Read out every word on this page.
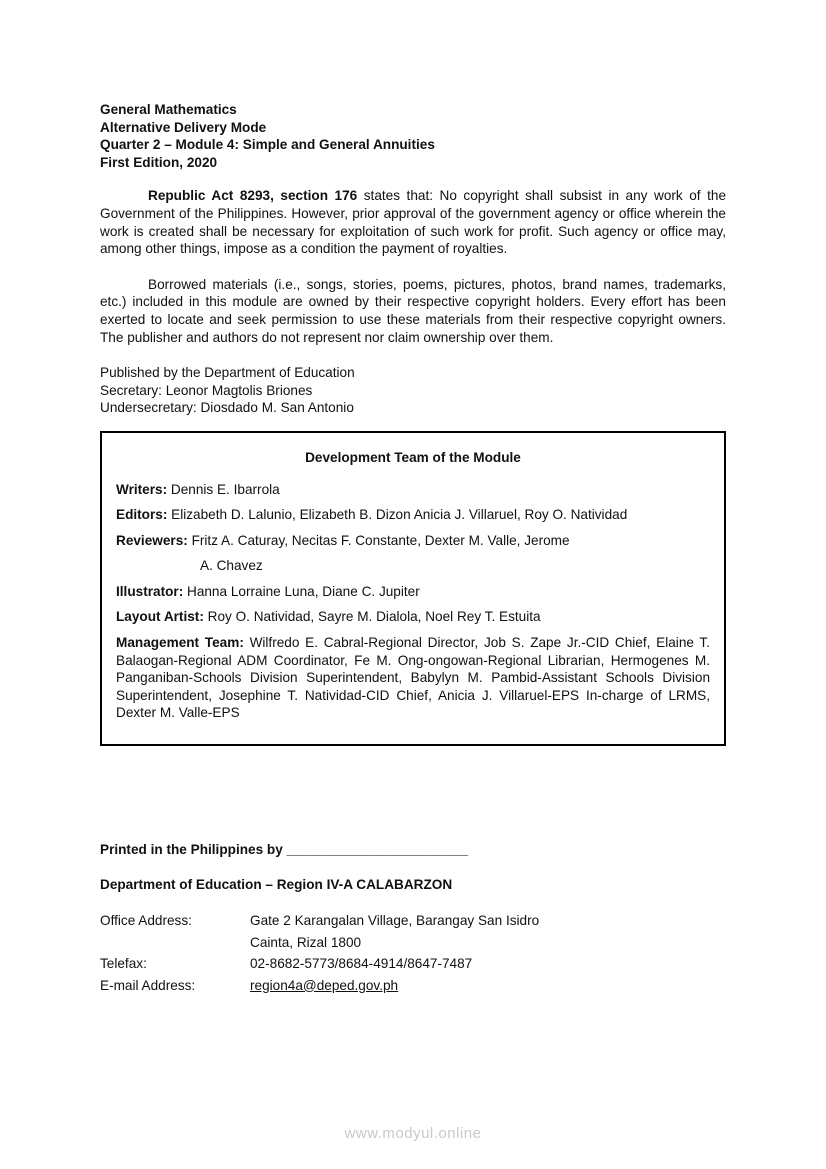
General Mathematics
Alternative Delivery Mode
Quarter 2 – Module 4: Simple and General Annuities
First Edition, 2020

Republic Act 8293, section 176 states that: No copyright shall subsist in any work of the Government of the Philippines. However, prior approval of the government agency or office wherein the work is created shall be necessary for exploitation of such work for profit. Such agency or office may, among other things, impose as a condition the payment of royalties.

Borrowed materials (i.e., songs, stories, poems, pictures, photos, brand names, trademarks, etc.) included in this module are owned by their respective copyright holders. Every effort has been exerted to locate and seek permission to use these materials from their respective copyright owners. The publisher and authors do not represent nor claim ownership over them.

Published by the Department of Education
Secretary: Leonor Magtolis Briones
Undersecretary: Diosdado M. San Antonio
Development Team of the Module
Writers: Dennis E. Ibarrola
Editors: Elizabeth D. Lalunio, Elizabeth B. Dizon Anicia J. Villaruel, Roy O. Natividad
Reviewers: Fritz A. Caturay, Necitas F. Constante, Dexter M. Valle, Jerome
A. Chavez
Illustrator: Hanna Lorraine Luna, Diane C. Jupiter
Layout Artist: Roy O. Natividad, Sayre M. Dialola, Noel Rey T. Estuita
Management Team: Wilfredo E. Cabral-Regional Director, Job S. Zape Jr.-CID Chief, Elaine T. Balaogan-Regional ADM Coordinator, Fe M. Ong-ongowan-Regional Librarian, Hermogenes M. Panganiban-Schools Division Superintendent, Babylyn M. Pambid-Assistant Schools Division Superintendent, Josephine T. Natividad-CID Chief, Anicia J. Villaruel-EPS In-charge of LRMS, Dexter M. Valle-EPS
Printed in the Philippines by ________________________
Department of Education – Region IV-A CALABARZON
Office Address:	Gate 2 Karangalan Village, Barangay San Isidro
Cainta, Rizal 1800
Telefax:	02-8682-5773/8684-4914/8647-7487
E-mail Address:	region4a@deped.gov.ph
www.modyul.online
